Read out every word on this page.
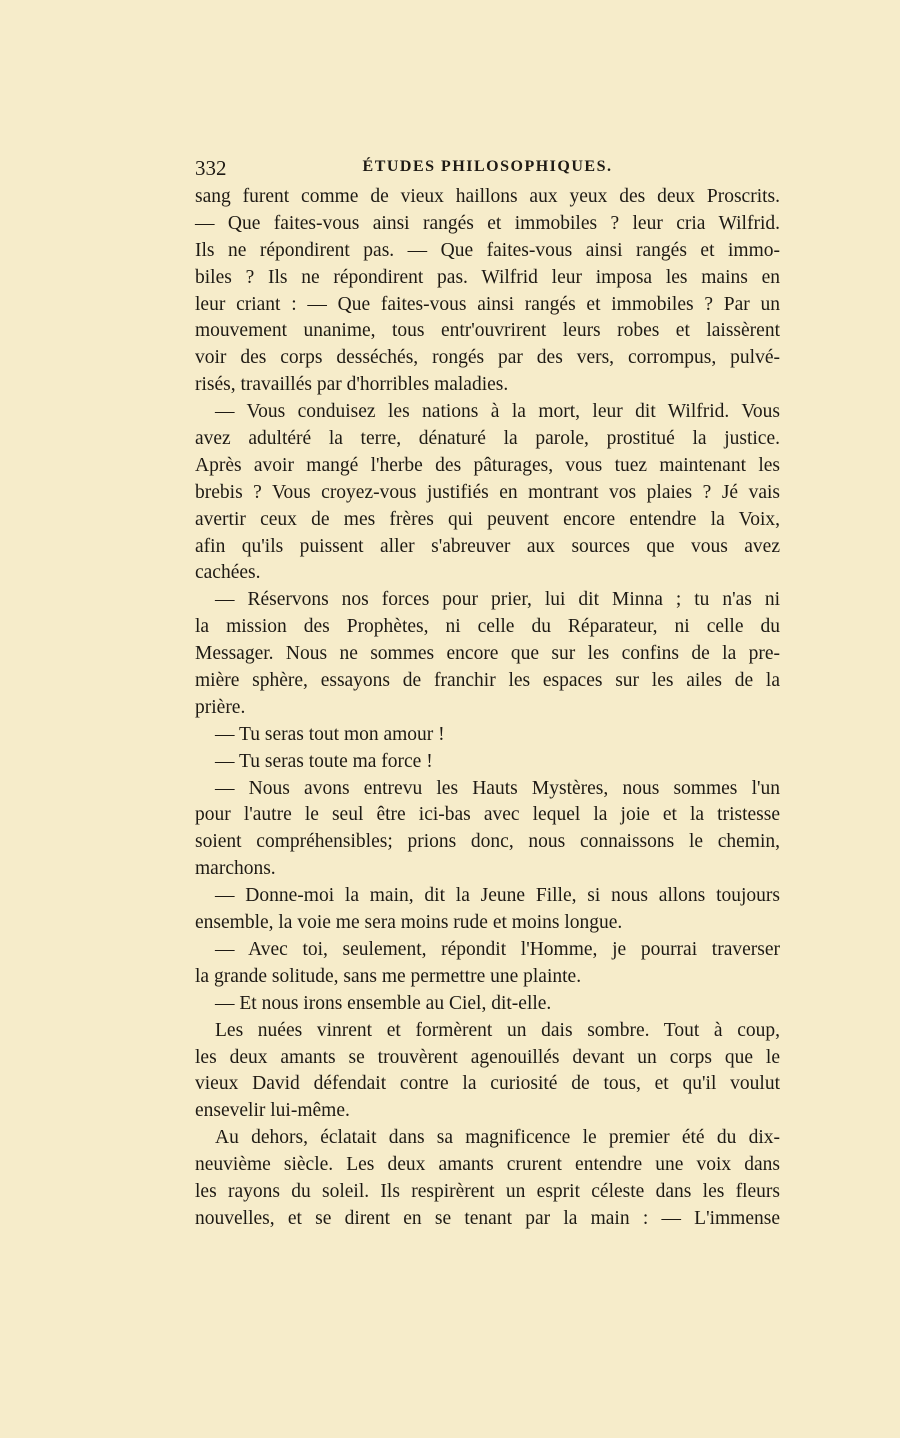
332	ÉTUDES PHILOSOPHIQUES.
sang furent comme de vieux haillons aux yeux des deux Proscrits.
— Que faites-vous ainsi rangés et immobiles ? leur cria Wilfrid.
Ils ne répondirent pas. — Que faites-vous ainsi rangés et immo-
biles ? Ils ne répondirent pas. Wilfrid leur imposa les mains en
leur criant : — Que faites-vous ainsi rangés et immobiles ? Par un
mouvement unanime, tous entr'ouvrirent leurs robes et laissèrent
voir des corps desséchés, rongés par des vers, corrompus, pulvé-
risés, travaillés par d'horribles maladies.
— Vous conduisez les nations à la mort, leur dit Wilfrid. Vous
avez adultéré la terre, dénaturé la parole, prostitué la justice.
Après avoir mangé l'herbe des pâturages, vous tuez maintenant les
brebis ? Vous croyez-vous justifiés en montrant vos plaies ? Jé vais
avertir ceux de mes frères qui peuvent encore entendre la Voix,
afin qu'ils puissent aller s'abreuver aux sources que vous avez
cachées.
— Réservons nos forces pour prier, lui dit Minna ; tu n'as ni
la mission des Prophètes, ni celle du Réparateur, ni celle du
Messager. Nous ne sommes encore que sur les confins de la pre-
mière sphère, essayons de franchir les espaces sur les ailes de la
prière.
— Tu seras tout mon amour !
— Tu seras toute ma force !
— Nous avons entrevu les Hauts Mystères, nous sommes l'un
pour l'autre le seul être ici-bas avec lequel la joie et la tristesse
soient compréhensibles; prions donc, nous connaissons le chemin,
marchons.
— Donne-moi la main, dit la Jeune Fille, si nous allons toujours
ensemble, la voie me sera moins rude et moins longue.
— Avec toi, seulement, répondit l'Homme, je pourrai traverser
la grande solitude, sans me permettre une plainte.
— Et nous irons ensemble au Ciel, dit-elle.
Les nuées vinrent et formèrent un dais sombre. Tout à coup,
les deux amants se trouvèrent agenouillés devant un corps que le
vieux David défendait contre la curiosité de tous, et qu'il voulut
ensevelir lui-même.
Au dehors, éclatait dans sa magnificence le premier été du dix-
neuvième siècle. Les deux amants crurent entendre une voix dans
les rayons du soleil. Ils respirèrent un esprit céleste dans les fleurs
nouvelles, et se dirent en se tenant par la main : — L'immense
